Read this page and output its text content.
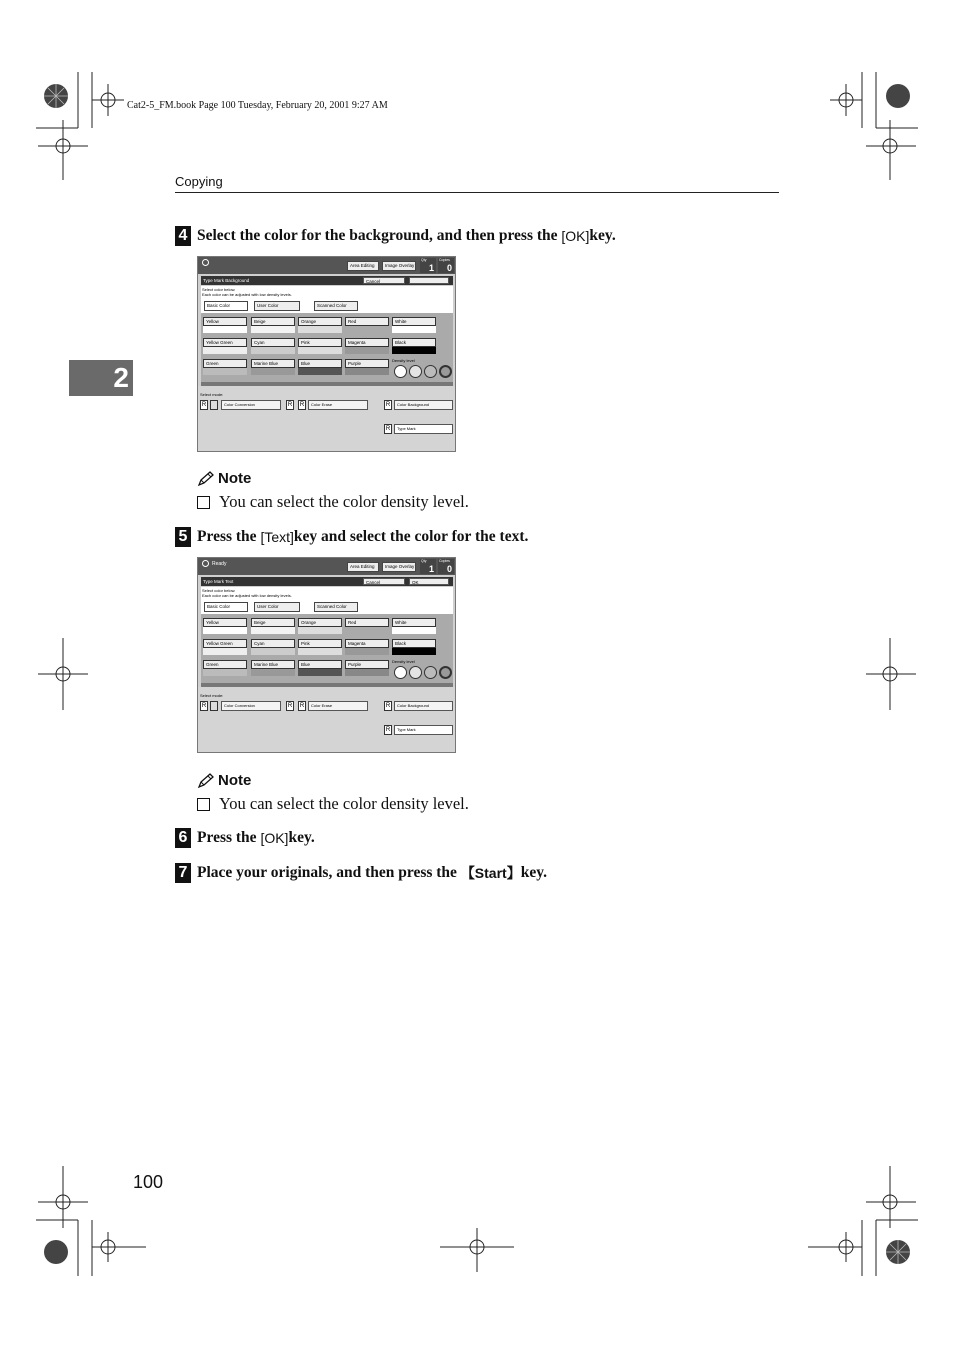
Cat2-5_FM.book Page 100 Tuesday, February 20, 2001 9:27 AM
Copying
2
4 Select the color for the background, and then press the
[OK] key.
Area Editing	Image Overlay
Qty
1
Copies
0
Type Mark Background	Cancel
Select color below.
Each color can be adjusted with low density levels.
Basic Color	User Color	Scanned Color
Yellow	Beige	Orange	Red	White
Yellow Green	Cyan	Pink	Magenta	Black
Green	Marine Blue	Blue	Purple
Density level
Select mode:
R	Color Conversion	R	R	Color Erase	R	Color Background
R	Type Mark
Note
You can select the color density level.
5 Press the
[Text] key and select the color for the text.
Ready	Area Editing	Image Overlay
Qty
1
Copies
0
Type Mark Text	Cancel	OK
Select color below.
Each color can be adjusted with low density levels.
Basic Color	User Color	Scanned Color
Yellow	Beige	Orange	Red	White
Yellow Green	Cyan	Pink	Magenta	Black
Green	Marine Blue	Blue	Purple
Density level
Select mode:
R	Color Conversion	R	R	Color Erase	R	Color Background
R	Type Mark
Note
You can select the color density level.
6 Press the
[OK] key.
7 Place your originals, and then press the
【Start】 key.
100
